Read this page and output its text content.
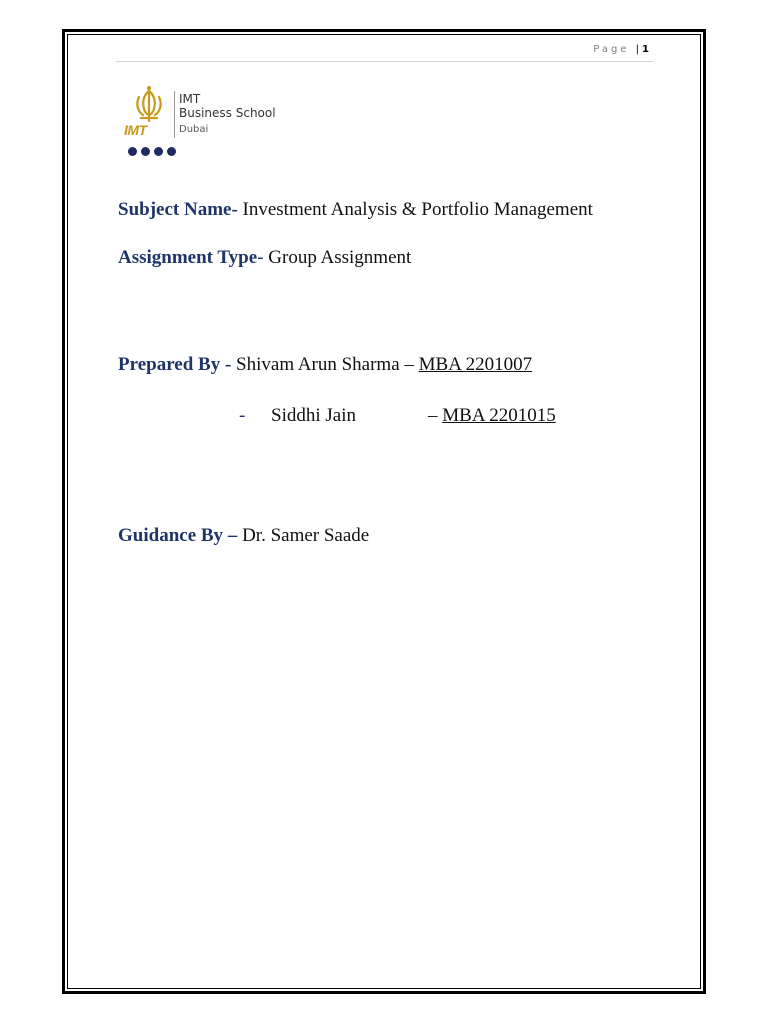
Page | 1
IMT
IMT
Business School
Dubai
Subject Name- Investment Analysis & Portfolio Management
Assignment Type- Group Assignment
Prepared By - Shivam Arun Sharma – MBA 2201007
- Siddhi Jain	– MBA 2201015
Guidance By – Dr. Samer Saade
